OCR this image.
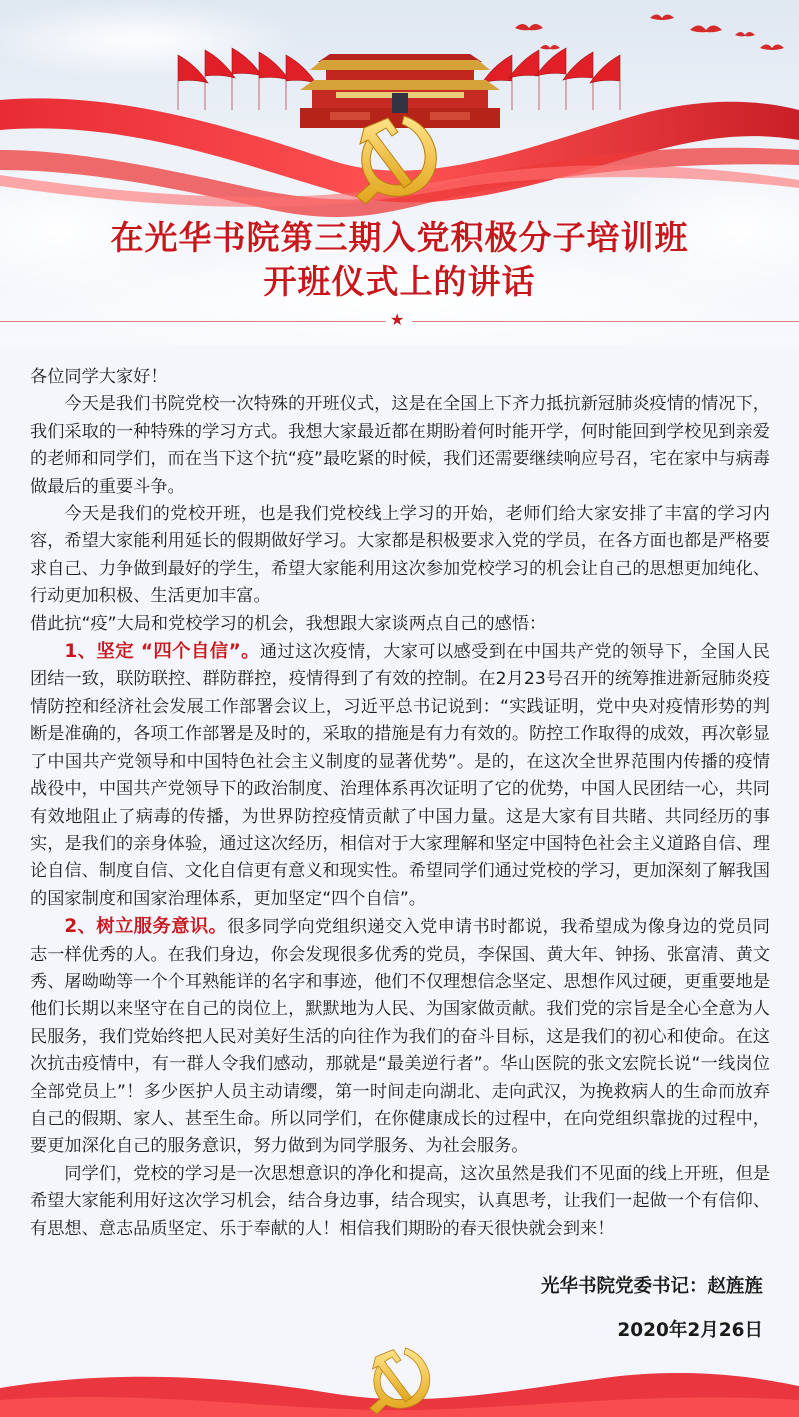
在光华书院第三期入党积极分子培训班
开班仪式上的讲话
★

各位同学大家好！

今天是我们书院党校一次特殊的开班仪式，这是在全国上下齐力抵抗新冠肺炎疫情的情况下，我们采取的一种特殊的学习方式。我想大家最近都在期盼着何时能开学，何时能回到学校见到亲爱的老师和同学们，而在当下这个抗“疫”最吃紧的时候，我们还需要继续响应号召，宅在家中与病毒做最后的重要斗争。

今天是我们的党校开班，也是我们党校线上学习的开始，老师们给大家安排了丰富的学习内容，希望大家能利用延长的假期做好学习。大家都是积极要求入党的学员，在各方面也都是严格要求自己、力争做到最好的学生，希望大家能利用这次参加党校学习的机会让自己的思想更加纯化、行动更加积极、生活更加丰富。

借此抗“疫”大局和党校学习的机会，我想跟大家谈两点自己的感悟：

1、坚定 “四个自信”。通过这次疫情，大家可以感受到在中国共产党的领导下，全国人民团结一致，联防联控、群防群控，疫情得到了有效的控制。在2月23号召开的统筹推进新冠肺炎疫情防控和经济社会发展工作部署会议上，习近平总书记说到：“实践证明，党中央对疫情形势的判断是准确的，各项工作部署是及时的，采取的措施是有力有效的。防控工作取得的成效，再次彰显了中国共产党领导和中国特色社会主义制度的显著优势”。是的，在这次全世界范围内传播的疫情战役中，中国共产党领导下的政治制度、治理体系再次证明了它的优势，中国人民团结一心，共同有效地阻止了病毒的传播，为世界防控疫情贡献了中国力量。这是大家有目共睹、共同经历的事实，是我们的亲身体验，通过这次经历，相信对于大家理解和坚定中国特色社会主义道路自信、理论自信、制度自信、文化自信更有意义和现实性。希望同学们通过党校的学习，更加深刻了解我国的国家制度和国家治理体系，更加坚定“四个自信”。

2、树立服务意识。很多同学向党组织递交入党申请书时都说，我希望成为像身边的党员同志一样优秀的人。在我们身边，你会发现很多优秀的党员，李保国、黄大年、钟扬、张富清、黄文秀、屠呦呦等一个个耳熟能详的名字和事迹，他们不仅理想信念坚定、思想作风过硬，更重要地是他们长期以来坚守在自己的岗位上，默默地为人民、为国家做贡献。我们党的宗旨是全心全意为人民服务，我们党始终把人民对美好生活的向往作为我们的奋斗目标，这是我们的初心和使命。在这次抗击疫情中，有一群人令我们感动，那就是“最美逆行者”。华山医院的张文宏院长说“一线岗位全部党员上”！多少医护人员主动请缨，第一时间走向湖北、走向武汉，为挽救病人的生命而放弃自己的假期、家人、甚至生命。所以同学们，在你健康成长的过程中，在向党组织靠拢的过程中，要更加深化自己的服务意识，努力做到为同学服务、为社会服务。

同学们，党校的学习是一次思想意识的净化和提高，这次虽然是我们不见面的线上开班，但是希望大家能利用好这次学习机会，结合身边事，结合现实，认真思考，让我们一起做一个有信仰、有思想、意志品质坚定、乐于奉献的人！相信我们期盼的春天很快就会到来！

光华书院党委书记：赵旌旌
2020年2月26日
